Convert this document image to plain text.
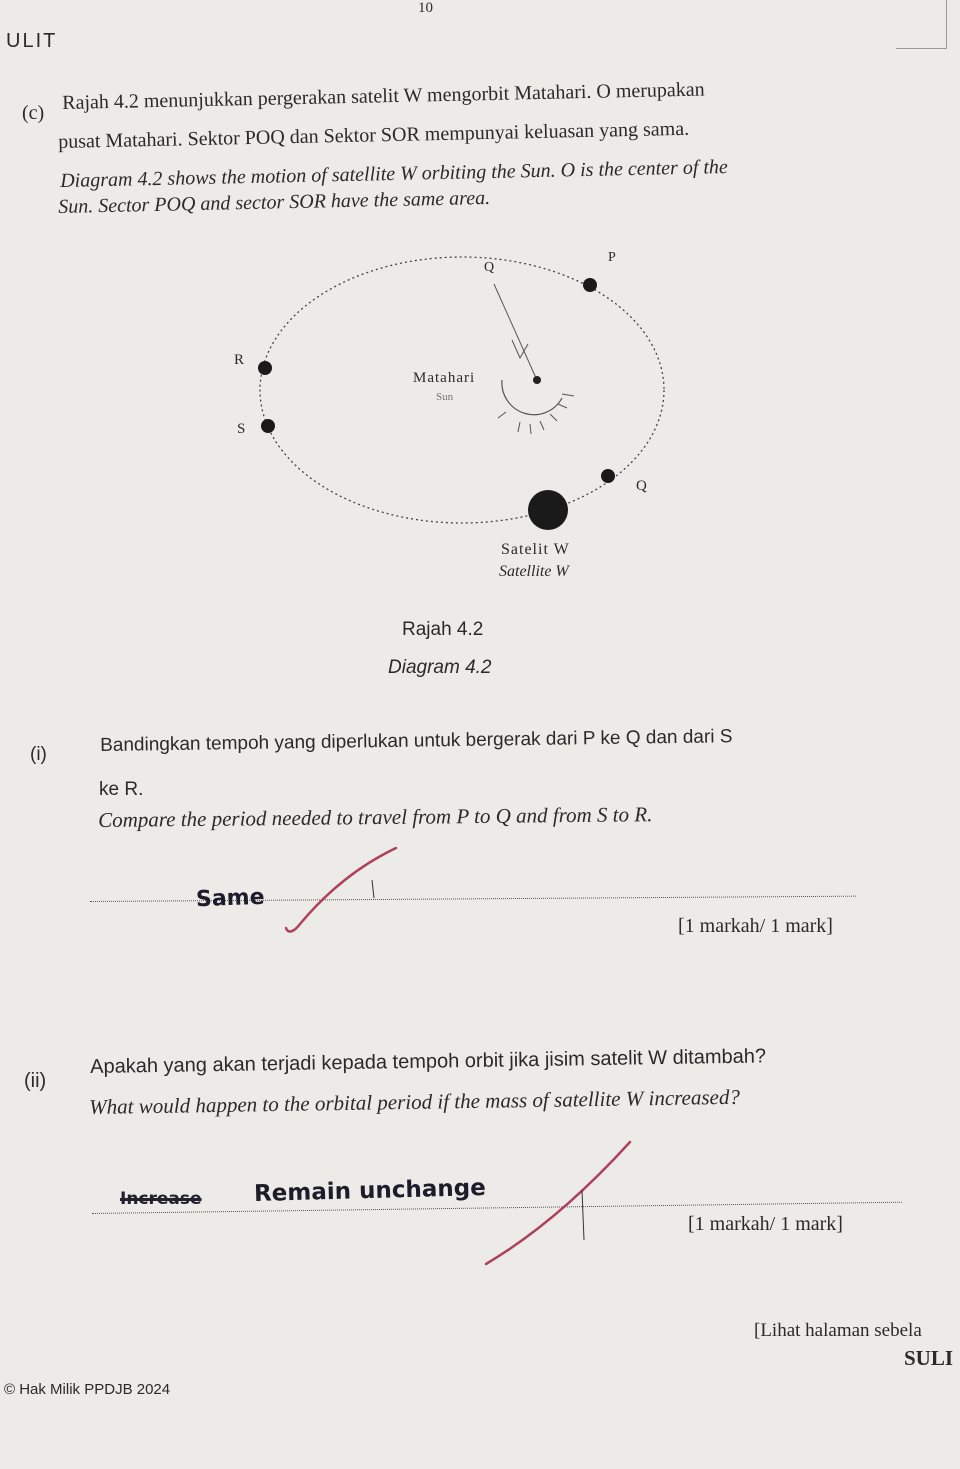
10
ULIT
(c) Rajah 4.2 menunjukkan pergerakan satelit W mengorbit Matahari. O merupakan
pusat Matahari. Sektor POQ dan Sektor SOR mempunyai keluasan yang sama.
Diagram 4.2 shows the motion of satellite W orbiting the Sun. O is the center of the
Sun. Sector POQ and sector SOR have the same area.
P
Q
R
S
Q
Matahari
Sun
Satelit W
Satellite W
Rajah 4.2
Diagram 4.2
(i)	Bandingkan tempoh yang diperlukan untuk bergerak dari P ke Q dan dari S
ke R.
Compare the period needed to travel from P to Q and from S to R.
Same
[1 markah/ 1 mark]
(ii)
Apakah yang akan terjadi kepada tempoh orbit jika jisim satelit W ditambah?
What would happen to the orbital period if the mass of satellite W increased?
Increase Remain unchange
[1 markah/ 1 mark]
[Lihat halaman sebela
SULI
© Hak Milik PPDJB 2024
